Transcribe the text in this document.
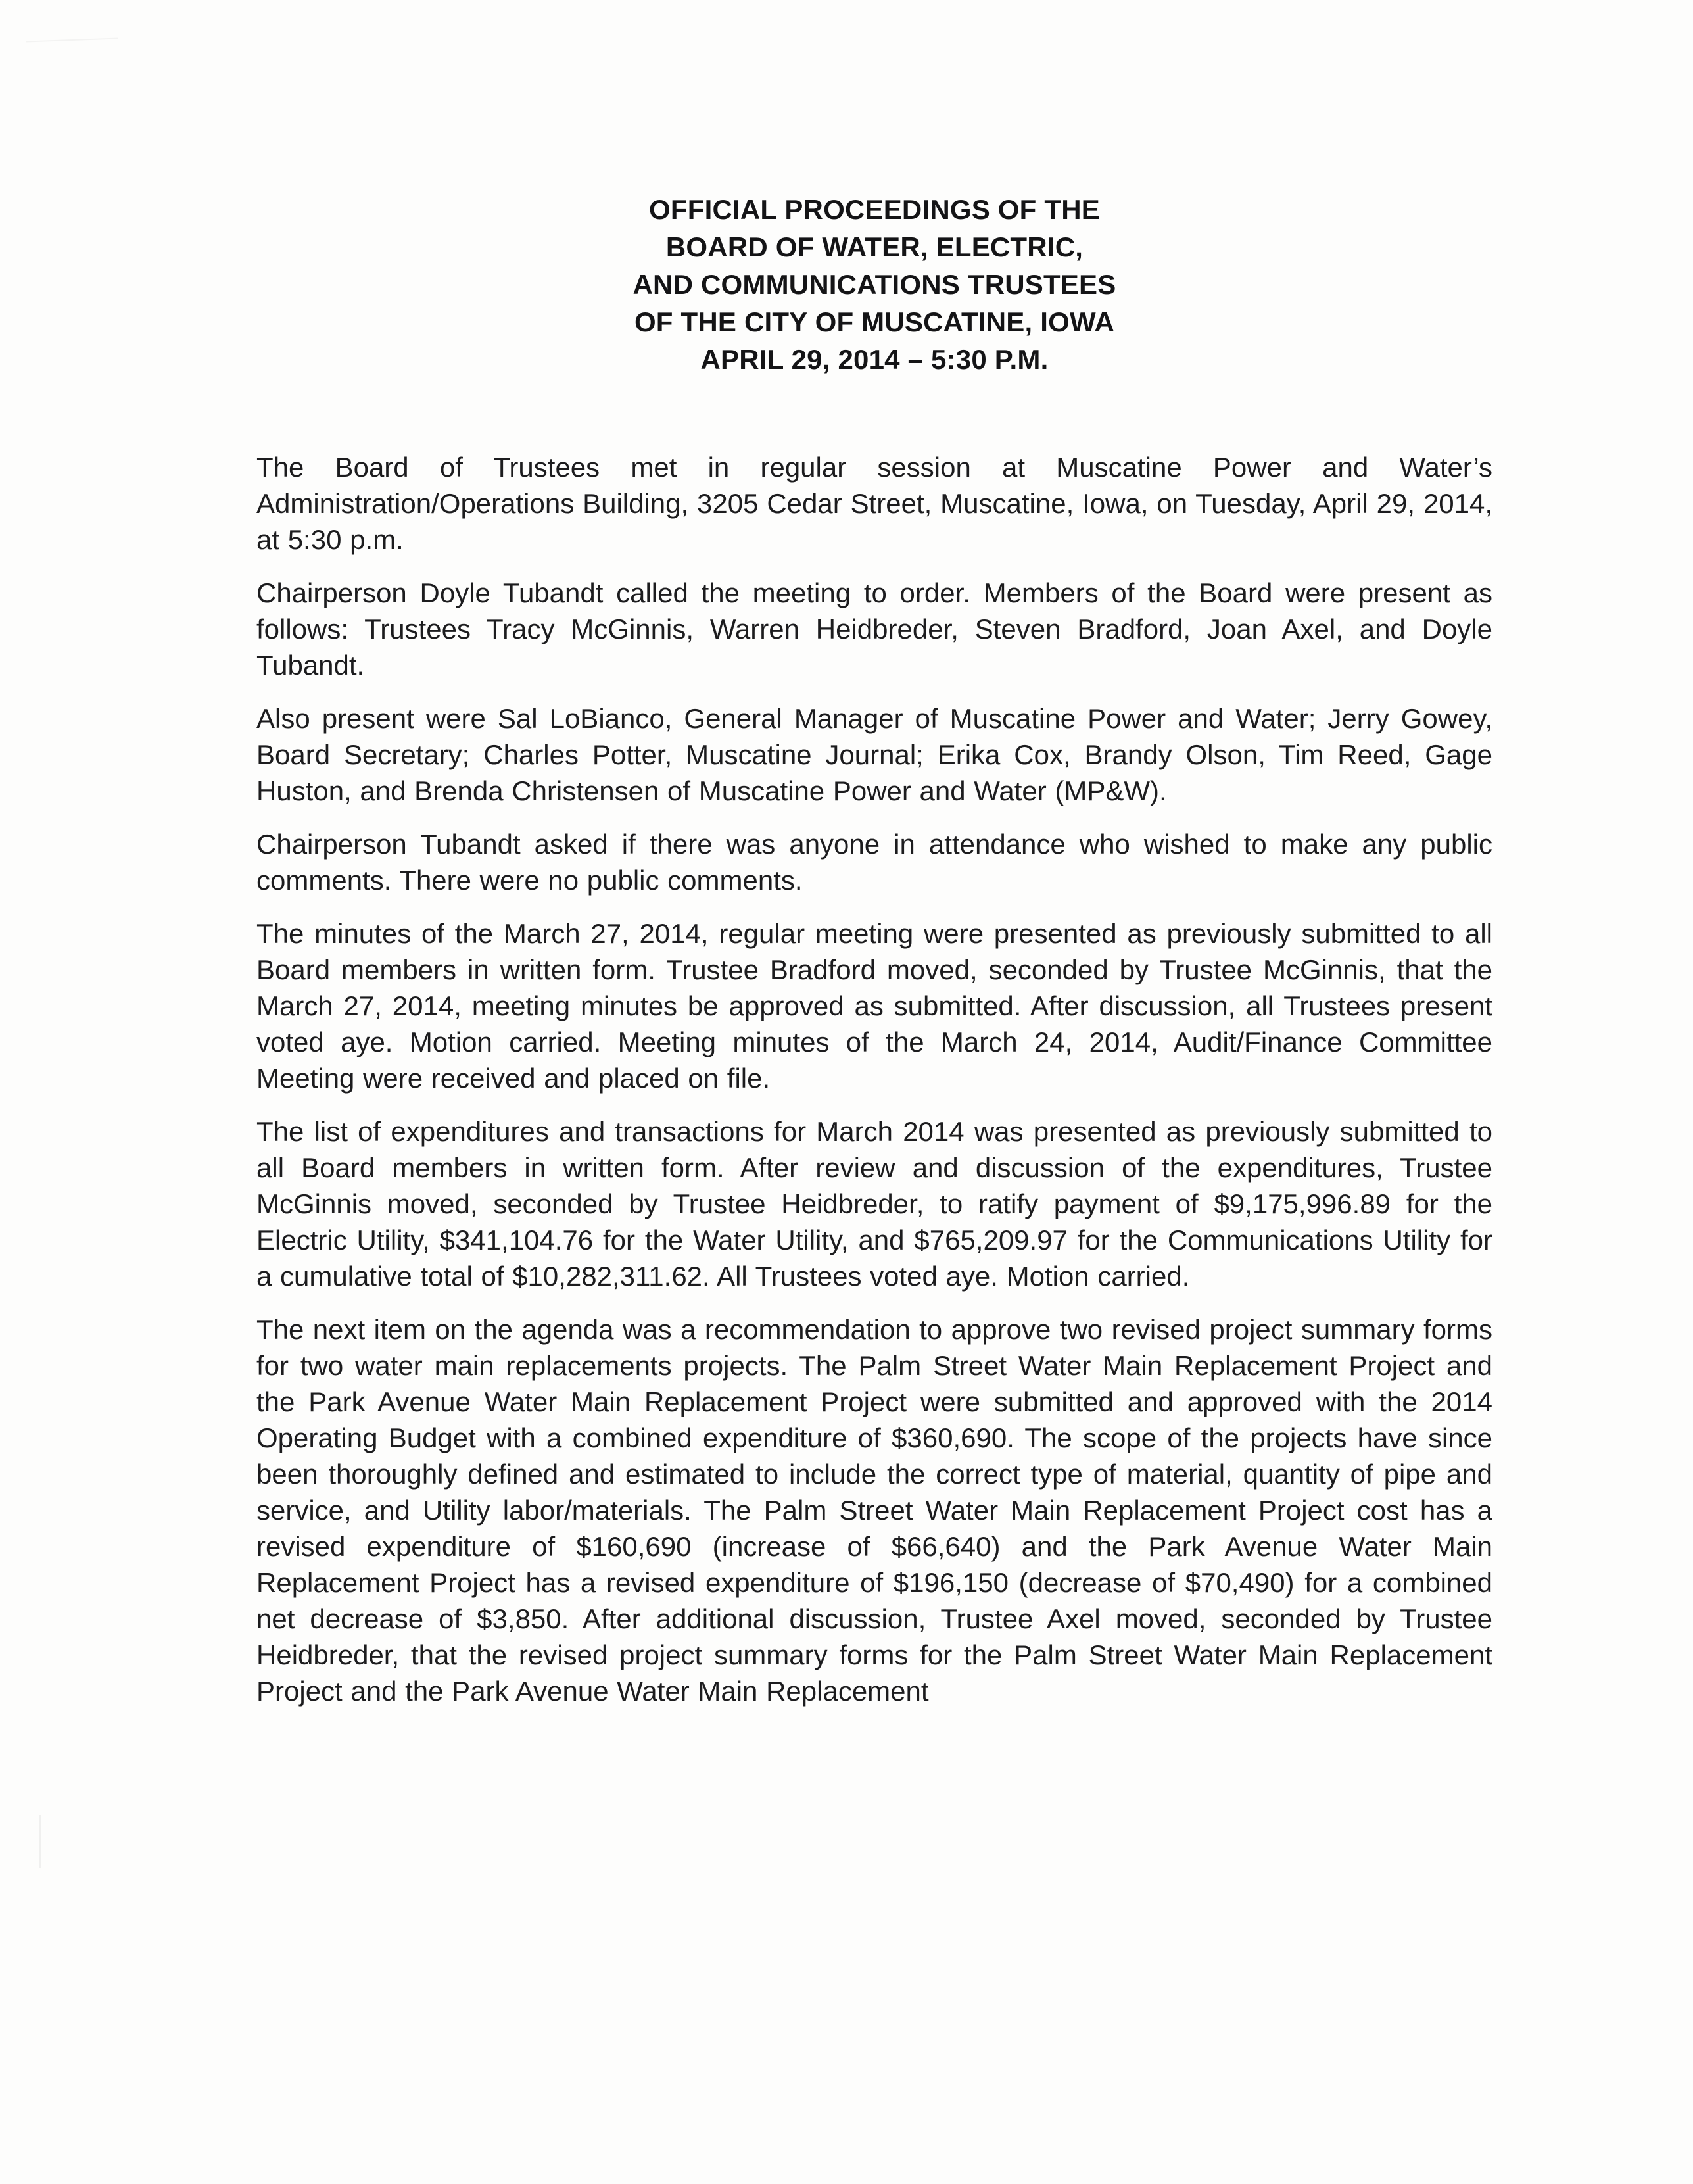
OFFICIAL PROCEEDINGS OF THE
BOARD OF WATER, ELECTRIC,
AND COMMUNICATIONS TRUSTEES
OF THE CITY OF MUSCATINE, IOWA
APRIL 29, 2014 – 5:30 P.M.

The Board of Trustees met in regular session at Muscatine Power and Water’s Administration/Operations Building, 3205 Cedar Street, Muscatine, Iowa, on Tuesday, April 29, 2014, at 5:30 p.m.

Chairperson Doyle Tubandt called the meeting to order. Members of the Board were present as follows: Trustees Tracy McGinnis, Warren Heidbreder, Steven Bradford, Joan Axel, and Doyle Tubandt.

Also present were Sal LoBianco, General Manager of Muscatine Power and Water; Jerry Gowey, Board Secretary; Charles Potter, Muscatine Journal; Erika Cox, Brandy Olson, Tim Reed, Gage Huston, and Brenda Christensen of Muscatine Power and Water (MP&W).

Chairperson Tubandt asked if there was anyone in attendance who wished to make any public comments. There were no public comments.

The minutes of the March 27, 2014, regular meeting were presented as previously submitted to all Board members in written form. Trustee Bradford moved, seconded by Trustee McGinnis, that the March 27, 2014, meeting minutes be approved as submitted. After discussion, all Trustees present voted aye. Motion carried. Meeting minutes of the March 24, 2014, Audit/Finance Committee Meeting were received and placed on file.

The list of expenditures and transactions for March 2014 was presented as previously submitted to all Board members in written form. After review and discussion of the expenditures, Trustee McGinnis moved, seconded by Trustee Heidbreder, to ratify payment of $9,175,996.89 for the Electric Utility, $341,104.76 for the Water Utility, and $765,209.97 for the Communications Utility for a cumulative total of $10,282,311.62. All Trustees voted aye. Motion carried.

The next item on the agenda was a recommendation to approve two revised project summary forms for two water main replacements projects. The Palm Street Water Main Replacement Project and the Park Avenue Water Main Replacement Project were submitted and approved with the 2014 Operating Budget with a combined expenditure of $360,690. The scope of the projects have since been thoroughly defined and estimated to include the correct type of material, quantity of pipe and service, and Utility labor/materials. The Palm Street Water Main Replacement Project cost has a revised expenditure of $160,690 (increase of $66,640) and the Park Avenue Water Main Replacement Project has a revised expenditure of $196,150 (decrease of $70,490) for a combined net decrease of $3,850. After additional discussion, Trustee Axel moved, seconded by Trustee Heidbreder, that the revised project summary forms for the Palm Street Water Main Replacement Project and the Park Avenue Water Main Replacement
